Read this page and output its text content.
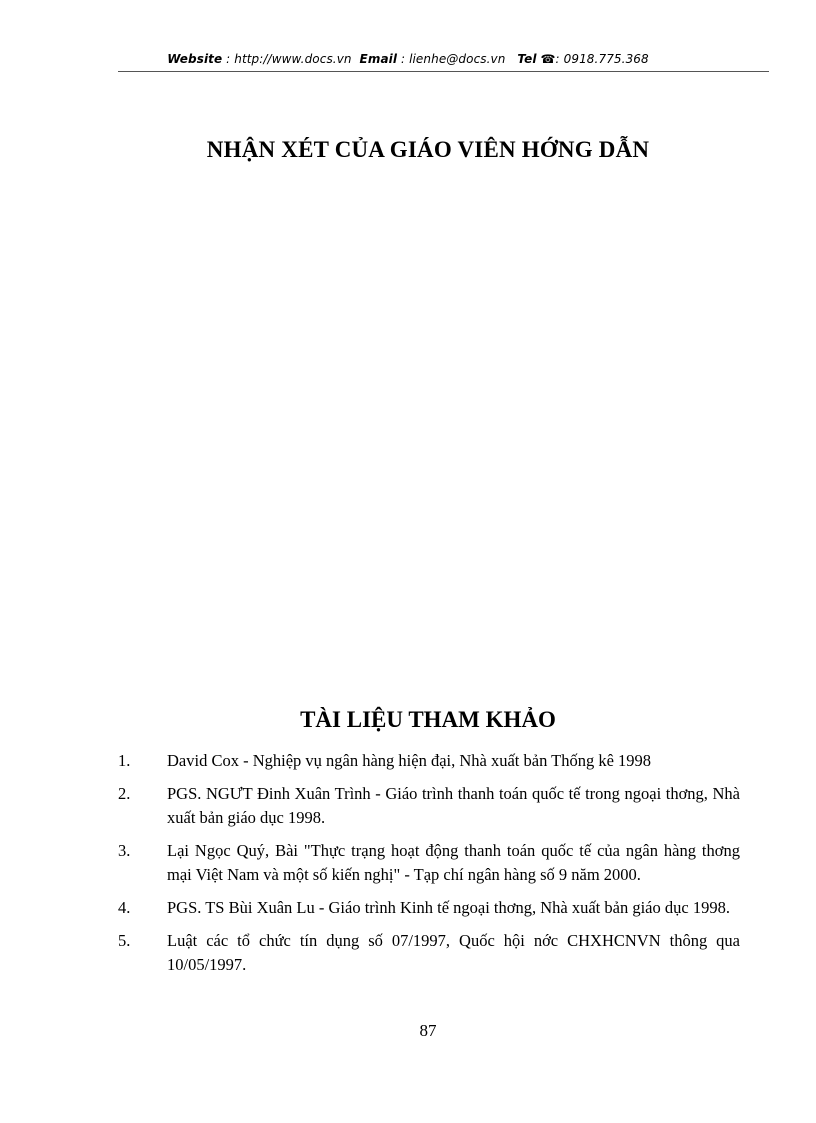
Website : http://www.docs.vn Email : lienhe@docs.vn Tel ☎: 0918.775.368
NHẬN XÉT CỦA GIÁO VIÊN HỚNG DẪN
TÀI LIỆU THAM KHẢO
1. David Cox - Nghiệp vụ ngân hàng hiện đại, Nhà xuất bản Thống kê 1998
2. PGS. NGƯT Đinh Xuân Trình - Giáo trình thanh toán quốc tế trong ngoại thơng, Nhà xuất bản giáo dục 1998.
3. Lại Ngọc Quý, Bài "Thực trạng hoạt động thanh toán quốc tế của ngân hàng thơng mại Việt Nam và một số kiến nghị" - Tạp chí ngân hàng số 9 năm 2000.
4. PGS. TS Bùi Xuân Lu - Giáo trình Kinh tế ngoại thơng, Nhà xuất bản giáo dục 1998.
5. Luật các tổ chức tín dụng số 07/1997, Quốc hội nớc CHXHCNVN thông qua 10/05/1997.
87
